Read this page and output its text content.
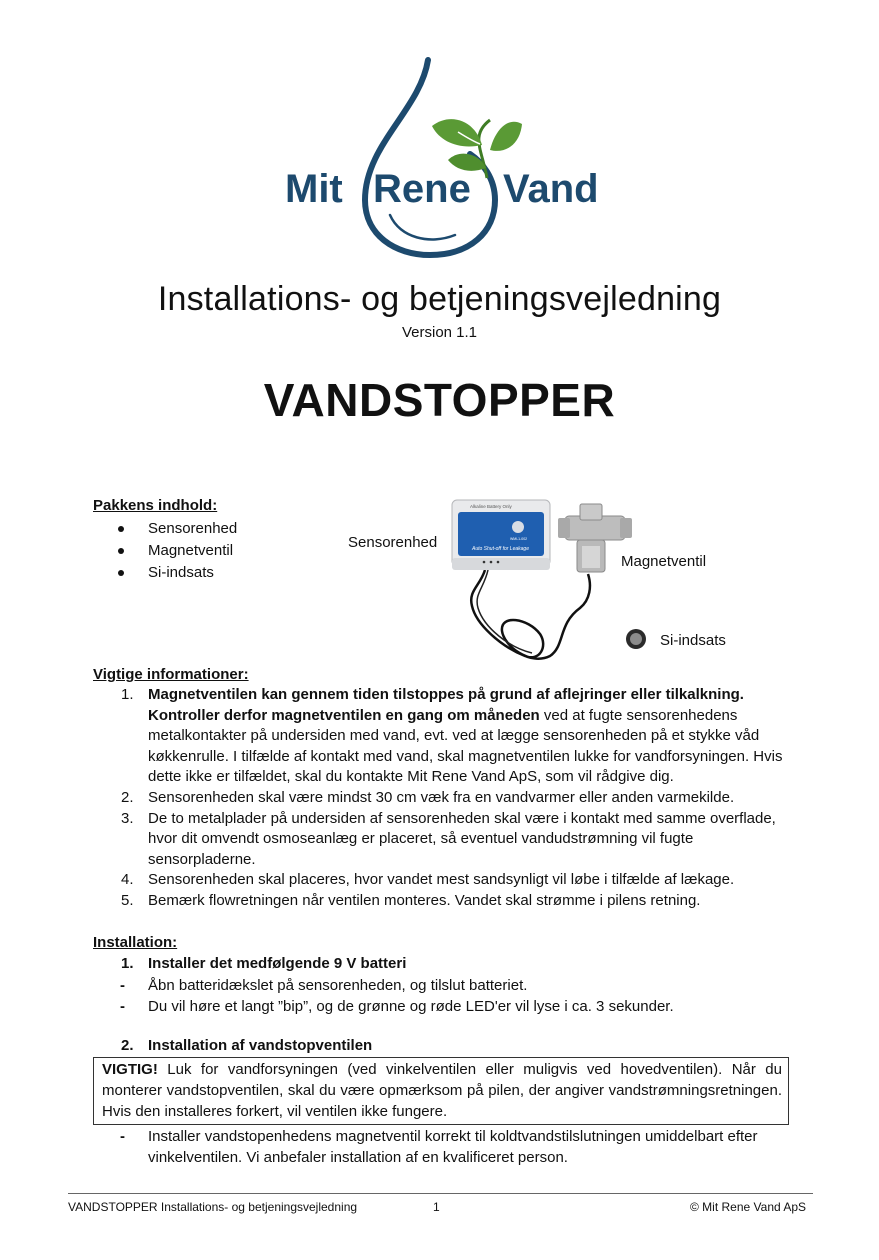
Mit Rene Vand
Installations- og betjeningsvejledning
Version 1.1
VANDSTOPPER
Pakkens indhold:
Sensorenhed
Magnetventil
Si-indsats
Sensorenhed
Magnetventil
Si-indsats
Alkaline Battery Only
Auto Shut-off for Leakage
WML1-002
Vigtige informationer:
1. Magnetventilen kan gennem tiden tilstoppes på grund af aflejringer eller tilkalkning. Kontroller derfor magnetventilen en gang om måneden ved at fugte sensorenhedens metalkontakter på undersiden med vand, evt. ved at lægge sensorenheden på et stykke våd køkkenrulle. I tilfælde af kontakt med vand, skal magnetventilen lukke for vandforsyningen. Hvis dette ikke er tilfældet, skal du kontakte Mit Rene Vand ApS, som vil rådgive dig.
2. Sensorenheden skal være mindst 30 cm væk fra en vandvarmer eller anden varmekilde.
3. De to metalplader på undersiden af sensorenheden skal være i kontakt med samme overflade, hvor dit omvendt osmoseanlæg er placeret, så eventuel vandudstrømning vil fugte sensorpladerne.
4. Sensorenheden skal placeres, hvor vandet mest sandsynligt vil løbe i tilfælde af lækage.
5. Bemærk flowretningen når ventilen monteres. Vandet skal strømme i pilens retning.
Installation:
1. Installer det medfølgende 9 V batteri
- Åbn batteridækslet på sensorenheden, og tilslut batteriet.
- Du vil høre et langt ”bip”, og de grønne og røde LED'er vil lyse i ca. 3 sekunder.
2. Installation af vandstopventilen
VIGTIG! Luk for vandforsyningen (ved vinkelventilen eller muligvis ved hovedventilen). Når du monterer vandstopventilen, skal du være opmærksom på pilen, der angiver vandstrømningsretningen. Hvis den installeres forkert, vil ventilen ikke fungere.
- Installer vandstopenhedens magnetventil korrekt til koldtvandstilslutningen umiddelbart efter vinkelventilen. Vi anbefaler installation af en kvalificeret person.
VANDSTOPPER Installations- og betjeningsvejledning	1	© Mit Rene Vand ApS
